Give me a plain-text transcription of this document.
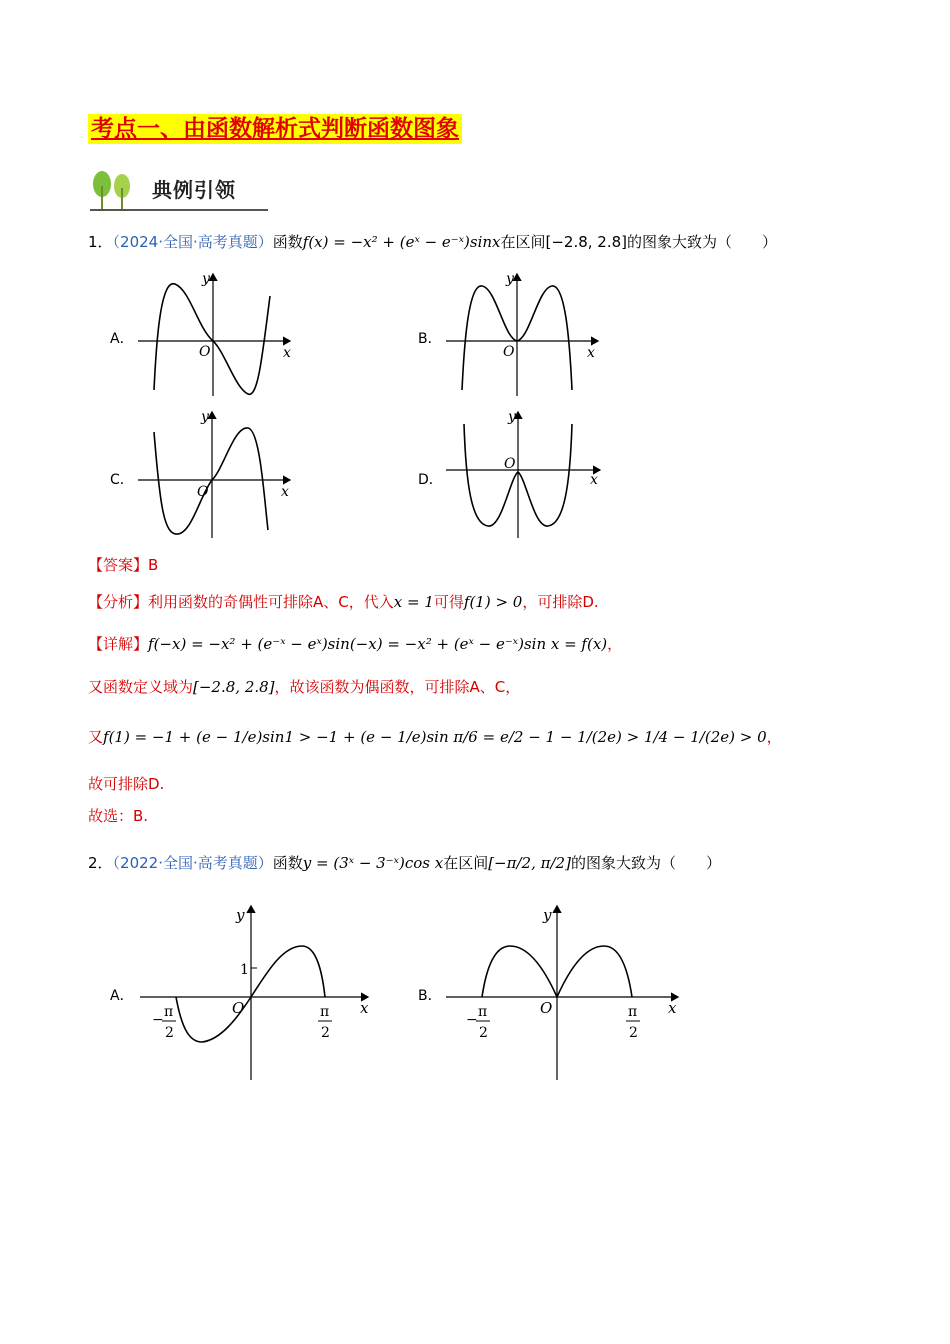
考点一、由函数解析式判断函数图象
典例引领
1．（2024·全国·高考真题）函数f(x) = −x² + (eˣ − e⁻ˣ)sinx在区间[−2.8, 2.8]的图象大致为（　　）
A．	B．
C．	D．
O	x
y
O	x
y
O	x
y
O
x
y
【答案】B
【分析】利用函数的奇偶性可排除A、C，代入x = 1可得f(1) > 0，可排除D.
【详解】f(−x) = −x² + (e⁻ˣ − eˣ)sin(−x) = −x² + (eˣ − e⁻ˣ)sin x = f(x)，
又函数定义域为[−2.8, 2.8]，故该函数为偶函数，可排除A、C，
又f(1) = −1 + (e − 1/e)sin1 > −1 + (e − 1/e)sin π/6 = e/2 − 1 − 1/(2e) > 1/4 − 1/(2e) > 0，
故可排除D.
故选：B.
2．（2022·全国·高考真题）函数y = (3ˣ − 3⁻ˣ)cos x在区间[−π/2, π/2]的图象大致为（　　）
A．	B．
O	x
y
1
− π
2
π
2
O	x
y
− π
2
π
2
